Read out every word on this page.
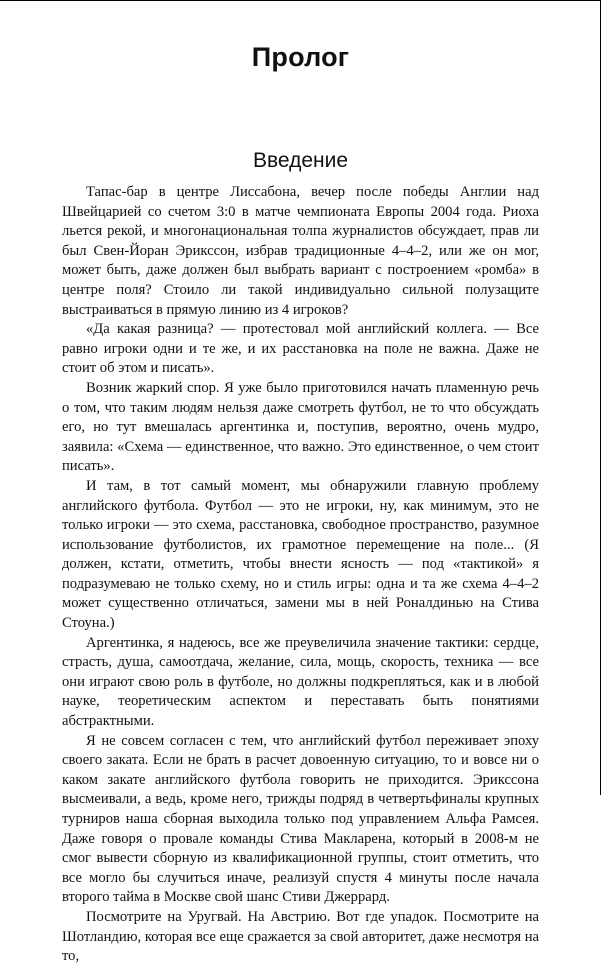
Пролог
Введение

Тапас-бар в центре Лиссабона, вечер после победы Англии над Швейцарией со счетом 3:0 в матче чемпионата Европы 2004 года. Риоха льется рекой, и многонациональная толпа журналистов обсуждает, прав ли был Свен-Йоран Эрикссон, избрав традиционные 4–4–2, или же он мог, может быть, даже должен был выбрать вариант с построением «ромба» в центре поля? Стоило ли такой индивидуально сильной полузащите выстраиваться в прямую линию из 4 игроков?

«Да какая разница? — протестовал мой английский коллега. — Все равно игроки одни и те же, и их расстановка на поле не важна. Даже не стоит об этом и писать».

Возник жаркий спор. Я уже было приготовился начать пламенную речь о том, что таким людям нельзя даже смотреть футбол, не то что обсуждать его, но тут вмешалась аргентинка и, поступив, вероятно, очень мудро, заявила: «Схема — единственное, что важно. Это единственное, о чем стоит писать».

И там, в тот самый момент, мы обнаружили главную проблему английского футбола. Футбол — это не игроки, ну, как минимум, это не только игроки — это схема, расстановка, свободное пространство, разумное использование футболистов, их грамотное перемещение на поле... (Я должен, кстати, отметить, чтобы внести ясность — под «тактикой» я подразумеваю не только схему, но и стиль игры: одна и та же схема 4–4–2 может существенно отличаться, замени мы в ней Роналдинью на Стива Стоуна.)

Аргентинка, я надеюсь, все же преувеличила значение тактики: сердце, страсть, душа, самоотдача, желание, сила, мощь, скорость, техника — все они играют свою роль в футболе, но должны подкрепляться, как и в любой науке, теоретическим аспектом и переставать быть понятиями абстрактными.

Я не совсем согласен с тем, что английский футбол переживает эпоху своего заката. Если не брать в расчет довоенную ситуацию, то и вовсе ни о каком закате английского футбола говорить не приходится. Эрикссона высмеивали, а ведь, кроме него, трижды подряд в четвертьфиналы крупных турниров наша сборная выходила только под управлением Альфа Рамсея. Даже говоря о провале команды Стива Макларена, который в 2008-м не смог вывести сборную из квалификационной группы, стоит отметить, что все могло бы случиться иначе, реализуй спустя 4 минуты после начала второго тайма в Москве свой шанс Стиви Джеррард.

Посмотрите на Уругвай. На Австрию. Вот где упадок. Посмотрите на Шотландию, которая все еще сражается за свой авторитет, даже несмотря на то,
